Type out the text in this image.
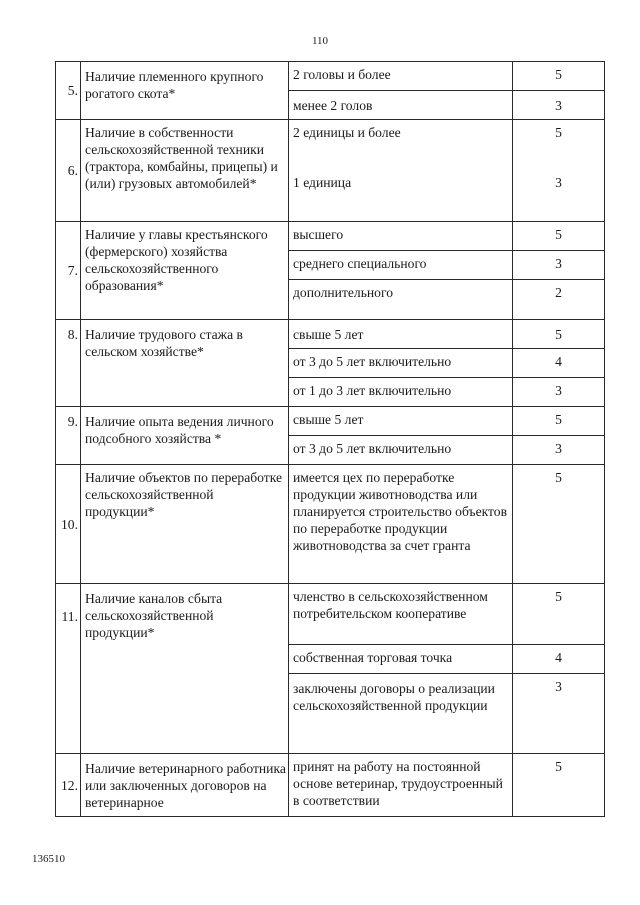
110
5.	Наличие племенного крупного рогатого скота*	2 головы и более	5
		менее 2 голов	3
6.	Наличие в собственности сельскохозяйственной техники (трактора, комбайны, прицепы) и (или) грузовых автомобилей*	2 единицы и более	5
		1 единица	3
7.	Наличие у главы крестьянского (фермерского) хозяйства сельскохозяйственного образования*	высшего	5
		среднего специального	3
		дополнительного	2
8.	Наличие трудового стажа в сельском хозяйстве*	свыше 5 лет	5
		от 3 до 5 лет включительно	4
		от 1 до 3 лет включительно	3
9.	Наличие опыта ведения личного подсобного хозяйства *	свыше 5 лет	5
		от 3 до 5 лет включительно	3
10.	Наличие объектов по переработке сельскохозяйственной продукции*	имеется цех по переработке продукции животноводства или планируется строительство объектов по переработке продукции животноводства за счет гранта	5
11.	Наличие каналов сбыта сельскохозяйственной продукции*	членство в сельскохозяйственном потребительском кооперативе	5
		собственная торговая точка	4
		заключены договоры о реализации сельскохозяйственной продукции	3
12.	Наличие ветеринарного работника или заключенных договоров на ветеринарное	принят на работу на постоянной основе ветеринар, трудоустроенный в соответствии	5
136510
